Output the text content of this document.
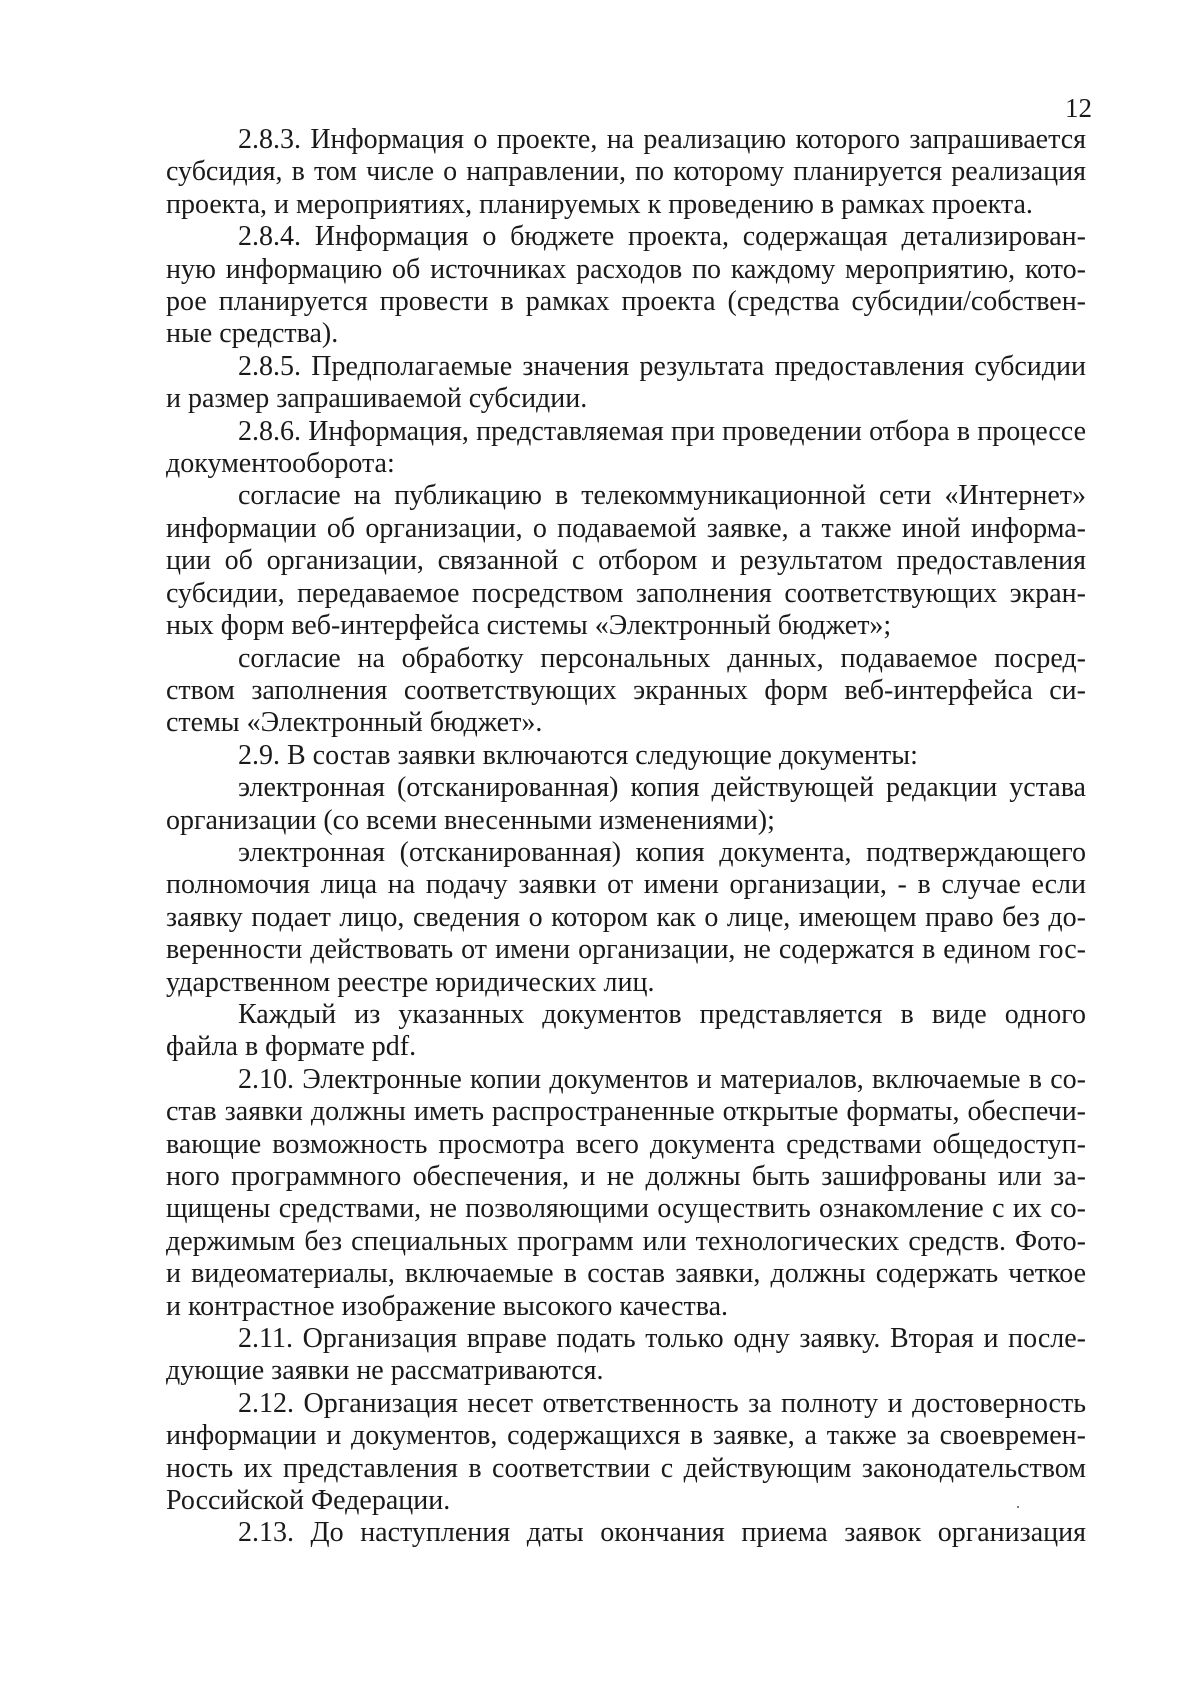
12
2.8.3. Информация о проекте, на реализацию которого запрашивается
субсидия, в том числе о направлении, по которому планируется реализация
проекта, и мероприятиях, планируемых к проведению в рамках проекта.
2.8.4. Информация о бюджете проекта, содержащая детализирован-
ную информацию об источниках расходов по каждому мероприятию, кото-
рое планируется провести в рамках проекта (средства субсидии/собствен-
ные средства).
2.8.5. Предполагаемые значения результата предоставления субсидии
и размер запрашиваемой субсидии.
2.8.6. Информация, представляемая при проведении отбора в процессе
документооборота:
согласие на публикацию в телекоммуникационной сети «Интернет»
информации об организации, о подаваемой заявке, а также иной информа-
ции об организации, связанной с отбором и результатом предоставления
субсидии, передаваемое посредством заполнения соответствующих экран-
ных форм веб-интерфейса системы «Электронный бюджет»;
согласие на обработку персональных данных, подаваемое посред-
ством заполнения соответствующих экранных форм веб-интерфейса си-
стемы «Электронный бюджет».
2.9. В состав заявки включаются следующие документы:
электронная (отсканированная) копия действующей редакции устава
организации (со всеми внесенными изменениями);
электронная (отсканированная) копия документа, подтверждающего
полномочия лица на подачу заявки от имени организации, - в случае если
заявку подает лицо, сведения о котором как о лице, имеющем право без до-
веренности действовать от имени организации, не содержатся в едином гос-
ударственном реестре юридических лиц.
Каждый из указанных документов представляется в виде одного
файла в формате pdf.
2.10. Электронные копии документов и материалов, включаемые в со-
став заявки должны иметь распространенные открытые форматы, обеспечи-
вающие возможность просмотра всего документа средствами общедоступ-
ного программного обеспечения, и не должны быть зашифрованы или за-
щищены средствами, не позволяющими осуществить ознакомление с их со-
держимым без специальных программ или технологических средств. Фото-
и видеоматериалы, включаемые в состав заявки, должны содержать четкое
и контрастное изображение высокого качества.
2.11. Организация вправе подать только одну заявку. Вторая и после-
дующие заявки не рассматриваются.
2.12. Организация несет ответственность за полноту и достоверность
информации и документов, содержащихся в заявке, а также за своевремен-
ность их представления в соответствии с действующим законодательством
Российской Федерации.
2.13. До наступления даты окончания приема заявок организация
